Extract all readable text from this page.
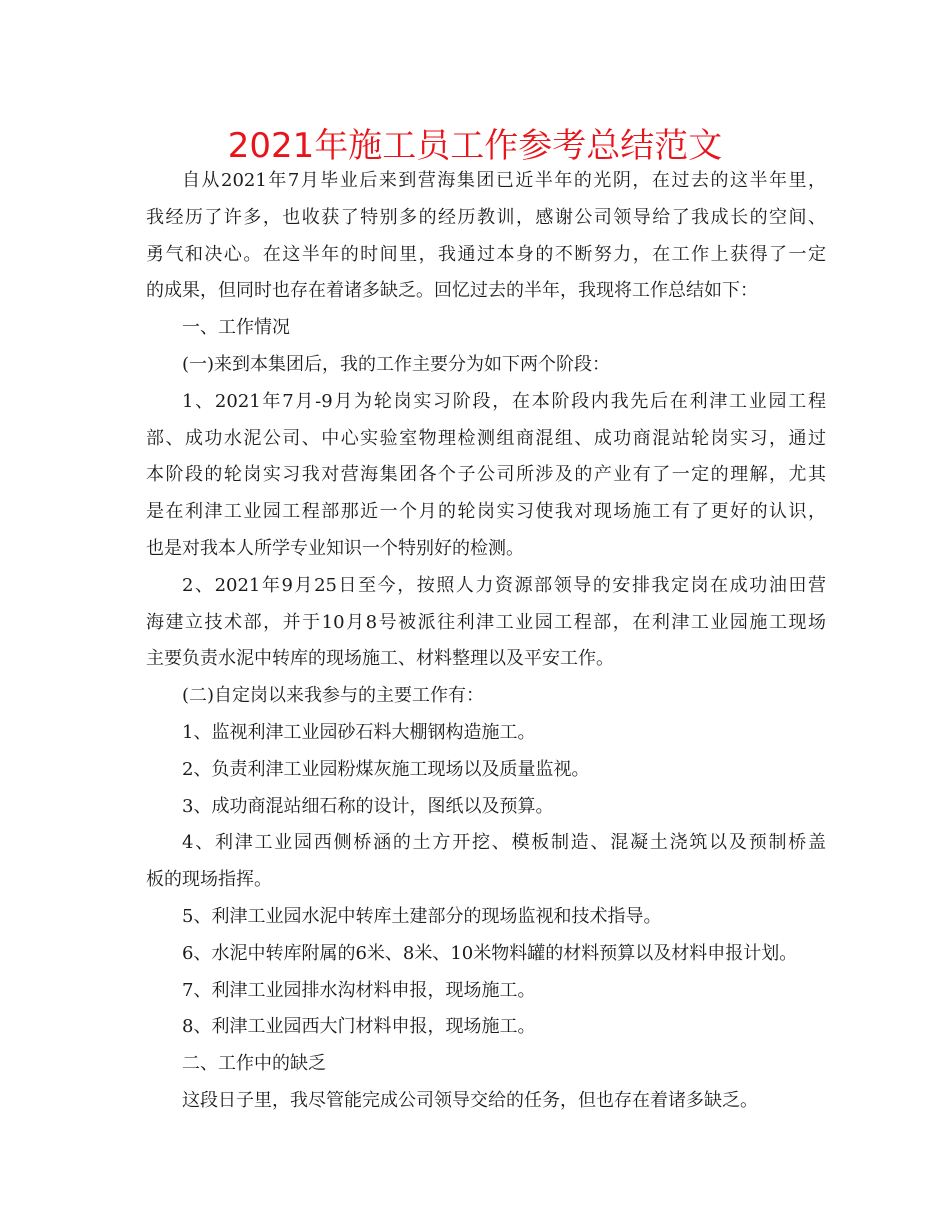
2021年施工员工作参考总结范文
自从2021年7月毕业后来到营海集团已近半年的光阴，在过去的这半年里，
我经历了许多，也收获了特别多的经历教训，感谢公司领导给了我成长的空间、
勇气和决心。在这半年的时间里，我通过本身的不断努力，在工作上获得了一定
的成果，但同时也存在着诸多缺乏。回忆过去的半年，我现将工作总结如下：
一、工作情况
(一)来到本集团后，我的工作主要分为如下两个阶段：
1、2021年7月-9月为轮岗实习阶段，在本阶段内我先后在利津工业园工程
部、成功水泥公司、中心实验室物理检测组商混组、成功商混站轮岗实习，通过
本阶段的轮岗实习我对营海集团各个子公司所涉及的产业有了一定的理解，尤其
是在利津工业园工程部那近一个月的轮岗实习使我对现场施工有了更好的认识，
也是对我本人所学专业知识一个特别好的检测。
2、2021年9月25日至今，按照人力资源部领导的安排我定岗在成功油田营
海建立技术部，并于10月8号被派往利津工业园工程部，在利津工业园施工现场
主要负责水泥中转库的现场施工、材料整理以及平安工作。
(二)自定岗以来我参与的主要工作有：
1、监视利津工业园砂石料大棚钢构造施工。
2、负责利津工业园粉煤灰施工现场以及质量监视。
3、成功商混站细石称的设计，图纸以及预算。
4、利津工业园西侧桥涵的土方开挖、模板制造、混凝土浇筑以及预制桥盖
板的现场指挥。
5、利津工业园水泥中转库土建部分的现场监视和技术指导。
6、水泥中转库附属的6米、8米、10米物料罐的材料预算以及材料申报计划。
7、利津工业园排水沟材料申报，现场施工。
8、利津工业园西大门材料申报，现场施工。
二、工作中的缺乏
这段日子里，我尽管能完成公司领导交给的任务，但也存在着诸多缺乏。
